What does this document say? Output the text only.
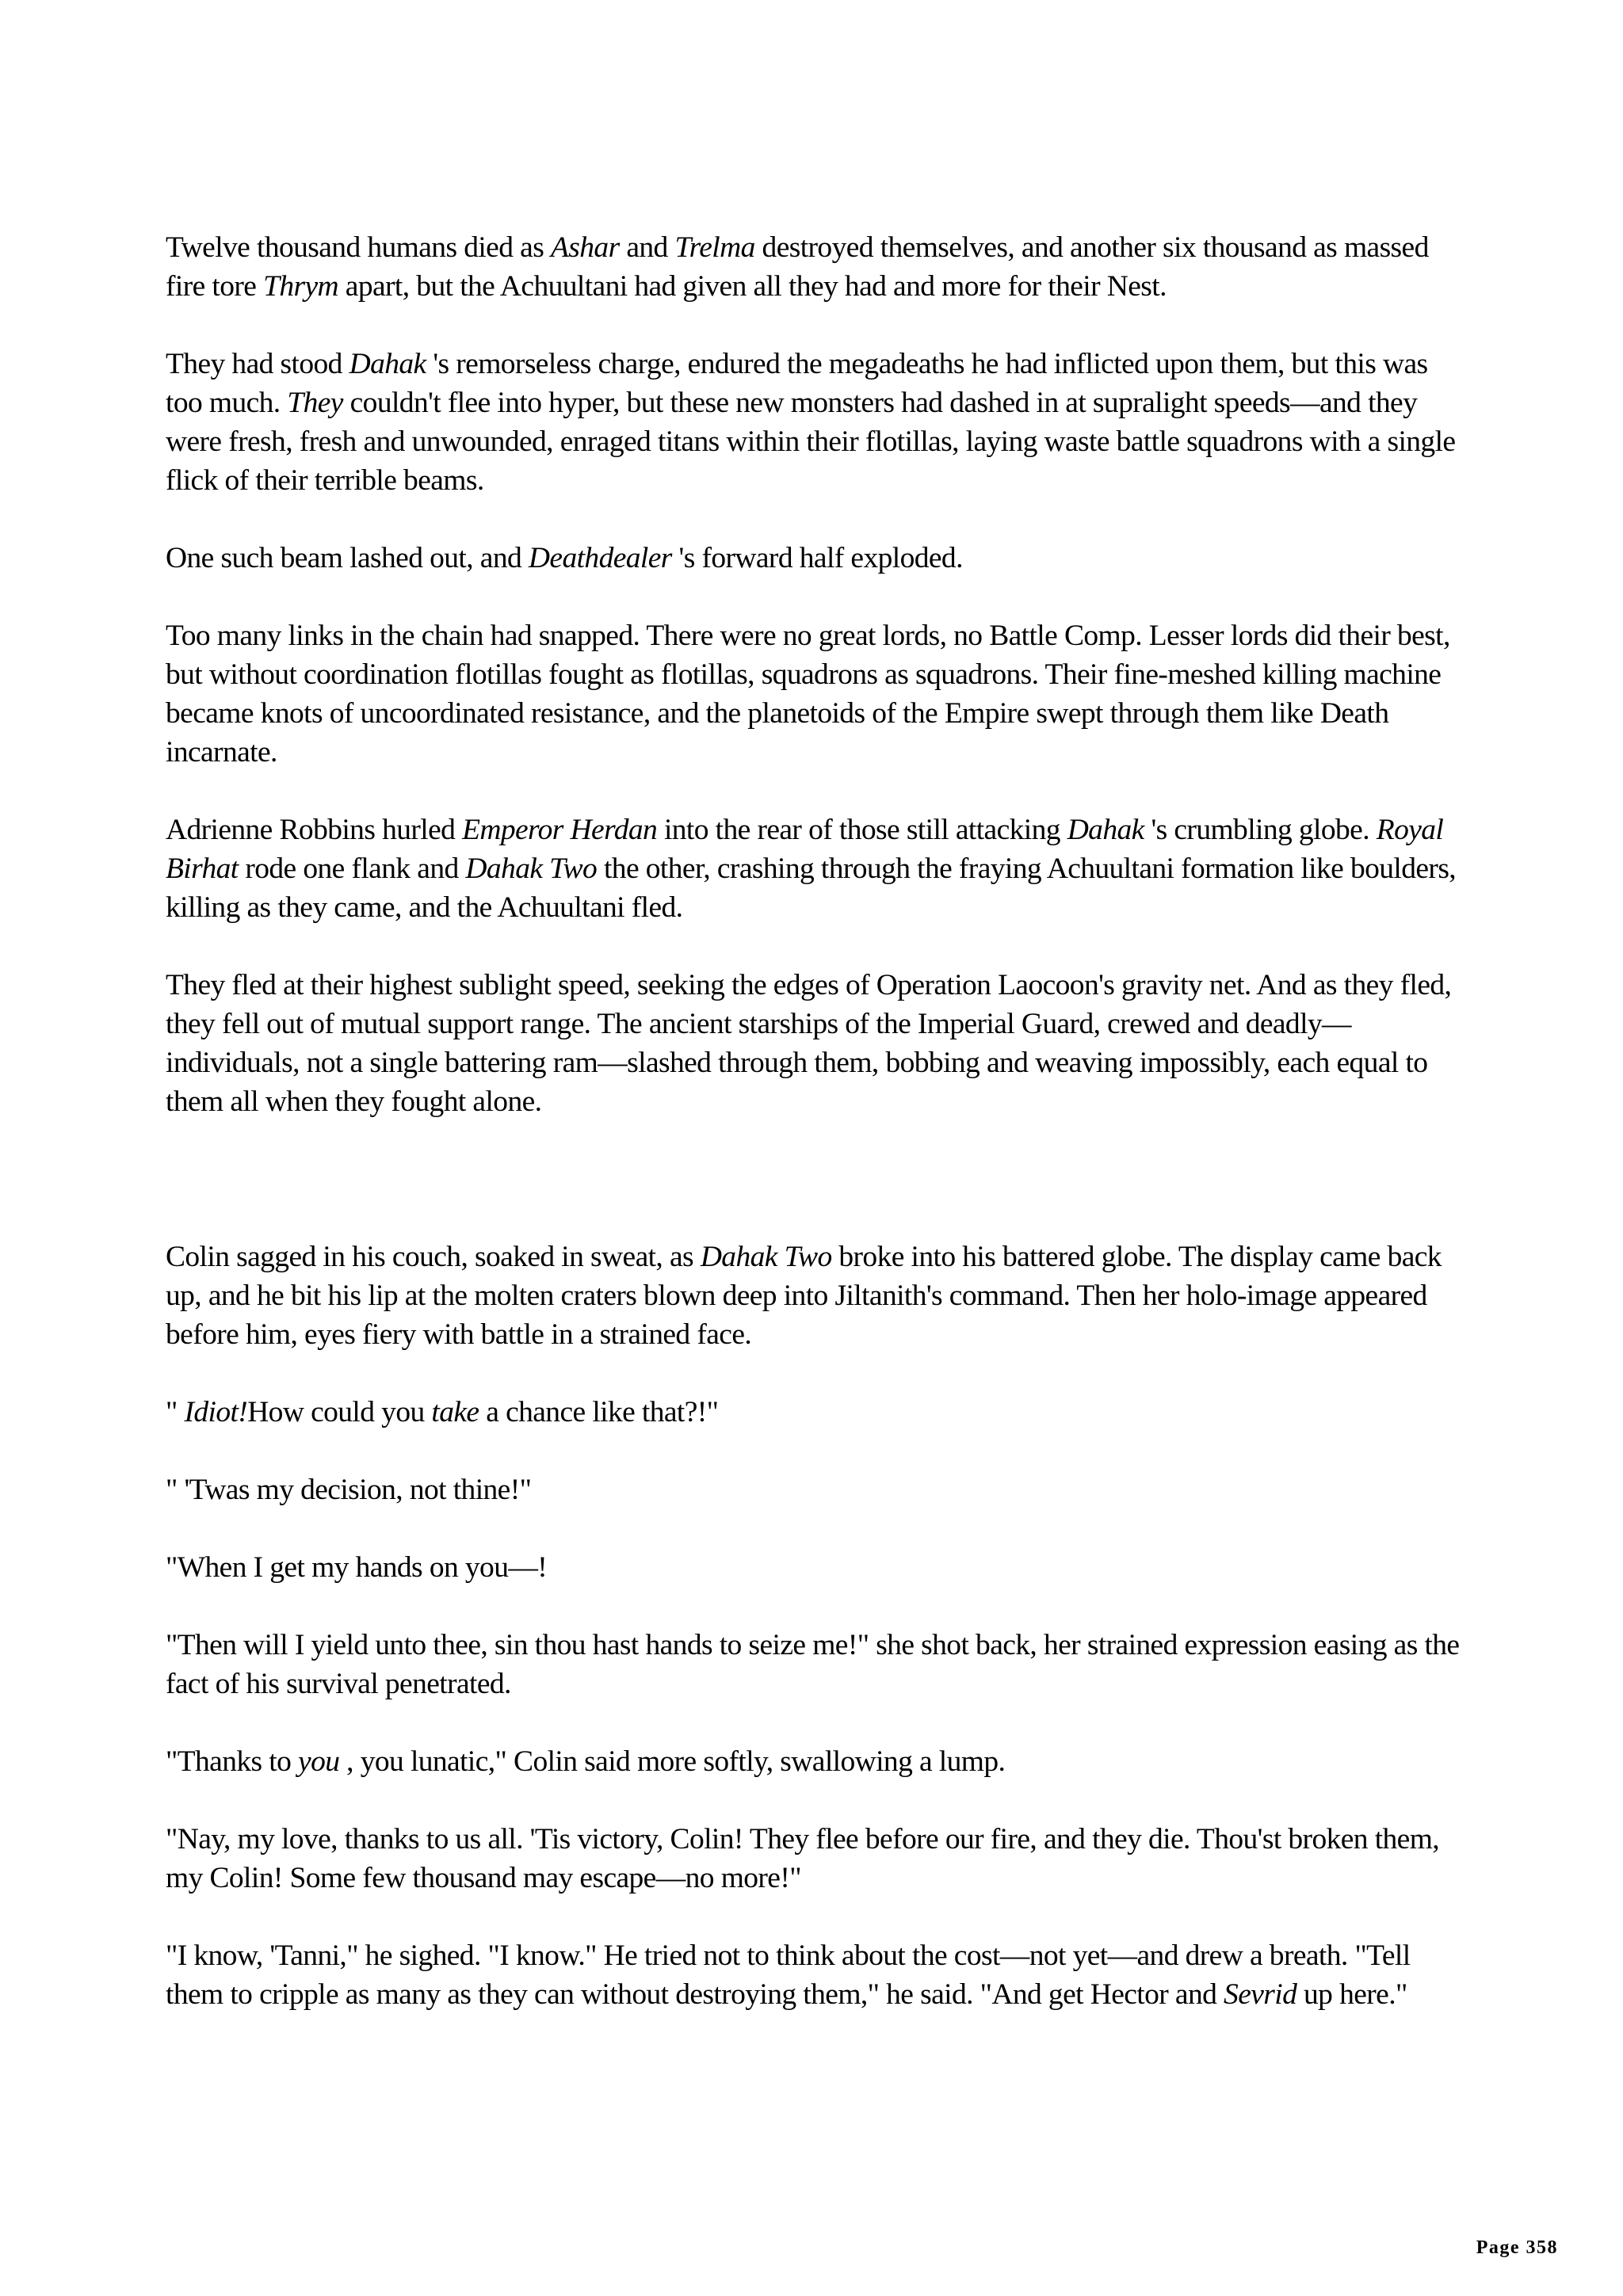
Twelve thousand humans died as Ashar and Trelma destroyed themselves, and another six thousand as massed fire tore Thrym apart, but the Achuultani had given all they had and more for their Nest.

They had stood Dahak 's remorseless charge, endured the megadeaths he had inflicted upon them, but this was too much. They couldn't flee into hyper, but these new monsters had dashed in at supralight speeds—and they were fresh, fresh and unwounded, enraged titans within their flotillas, laying waste battle squadrons with a single flick of their terrible beams.

One such beam lashed out, and Deathdealer 's forward half exploded.

Too many links in the chain had snapped. There were no great lords, no Battle Comp. Lesser lords did their best, but without coordination flotillas fought as flotillas, squadrons as squadrons. Their fine-meshed killing machine became knots of uncoordinated resistance, and the planetoids of the Empire swept through them like Death incarnate.

Adrienne Robbins hurled Emperor Herdan into the rear of those still attacking Dahak 's crumbling globe. Royal Birhat rode one flank and Dahak Two the other, crashing through the fraying Achuultani formation like boulders, killing as they came, and the Achuultani fled.

They fled at their highest sublight speed, seeking the edges of Operation Laocoon's gravity net. And as they fled, they fell out of mutual support range. The ancient starships of the Imperial Guard, crewed and deadly—individuals, not a single battering ram—slashed through them, bobbing and weaving impossibly, each equal to them all when they fought alone.

Colin sagged in his couch, soaked in sweat, as Dahak Two broke into his battered globe. The display came back up, and he bit his lip at the molten craters blown deep into Jiltanith's command. Then her holo-image appeared before him, eyes fiery with battle in a strained face.

" Idiot!How could you take a chance like that?!"

" 'Twas my decision, not thine!"

"When I get my hands on you—!

"Then will I yield unto thee, sin thou hast hands to seize me!" she shot back, her strained expression easing as the fact of his survival penetrated.

"Thanks to you , you lunatic," Colin said more softly, swallowing a lump.

"Nay, my love, thanks to us all. 'Tis victory, Colin! They flee before our fire, and they die. Thou'st broken them, my Colin! Some few thousand may escape—no more!"

"I know, 'Tanni," he sighed. "I know." He tried not to think about the cost—not yet—and drew a breath. "Tell them to cripple as many as they can without destroying them," he said. "And get Hector and Sevrid up here."

Page 358
